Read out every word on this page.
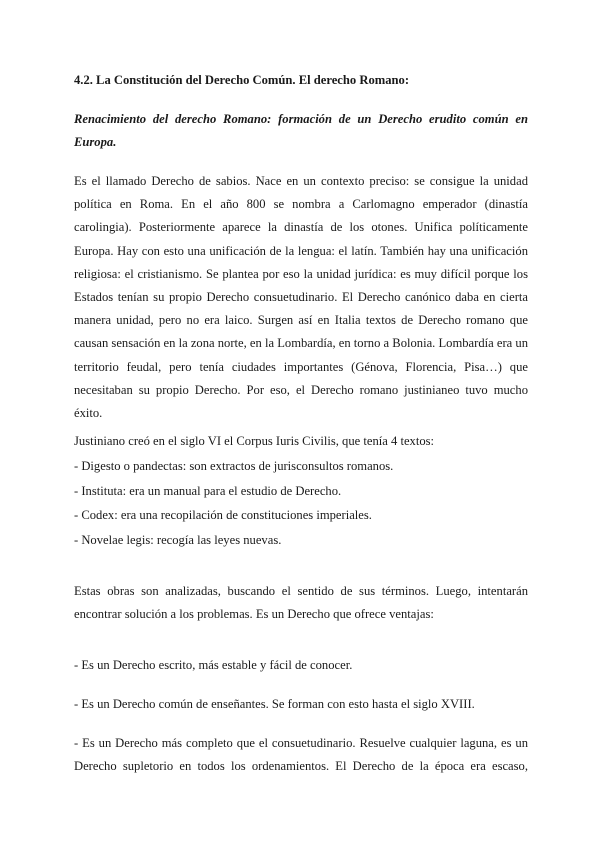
4.2. La Constitución del Derecho Común. El derecho Romano:
Renacimiento del derecho Romano: formación de un Derecho erudito común en Europa.
Es el llamado Derecho de sabios. Nace en un contexto preciso: se consigue la unidad política en Roma. En el año 800 se nombra a Carlomagno emperador (dinastía carolingia). Posteriormente aparece la dinastía de los otones. Unifica políticamente Europa. Hay con esto una unificación de la lengua: el latín. También hay una unificación religiosa: el cristianismo. Se plantea por eso la unidad jurídica: es muy difícil porque los Estados tenían su propio Derecho consuetudinario. El Derecho canónico daba en cierta manera unidad, pero no era laico. Surgen así en Italia textos de Derecho romano que causan sensación en la zona norte, en la Lombardía, en torno a Bolonia. Lombardía era un territorio feudal, pero tenía ciudades importantes (Génova, Florencia, Pisa…) que necesitaban su propio Derecho. Por eso, el Derecho romano justinianeo tuvo mucho éxito.
Justiniano creó en el siglo VI el Corpus Iuris Civilis, que tenía 4 textos:
- Digesto o pandectas: son extractos de jurisconsultos romanos.
- Instituta: era un manual para el estudio de Derecho.
- Codex: era una recopilación de constituciones imperiales.
- Novelae legis: recogía las leyes nuevas.
Estas obras son analizadas, buscando el sentido de sus términos. Luego, intentarán encontrar solución a los problemas. Es un Derecho que ofrece ventajas:
- Es un Derecho escrito, más estable y fácil de conocer.
- Es un Derecho común de enseñantes. Se forman con esto hasta el siglo XVIII.
- Es un Derecho más completo que el consuetudinario. Resuelve cualquier laguna, es un Derecho supletorio en todos los ordenamientos. El Derecho de la época era escaso,
